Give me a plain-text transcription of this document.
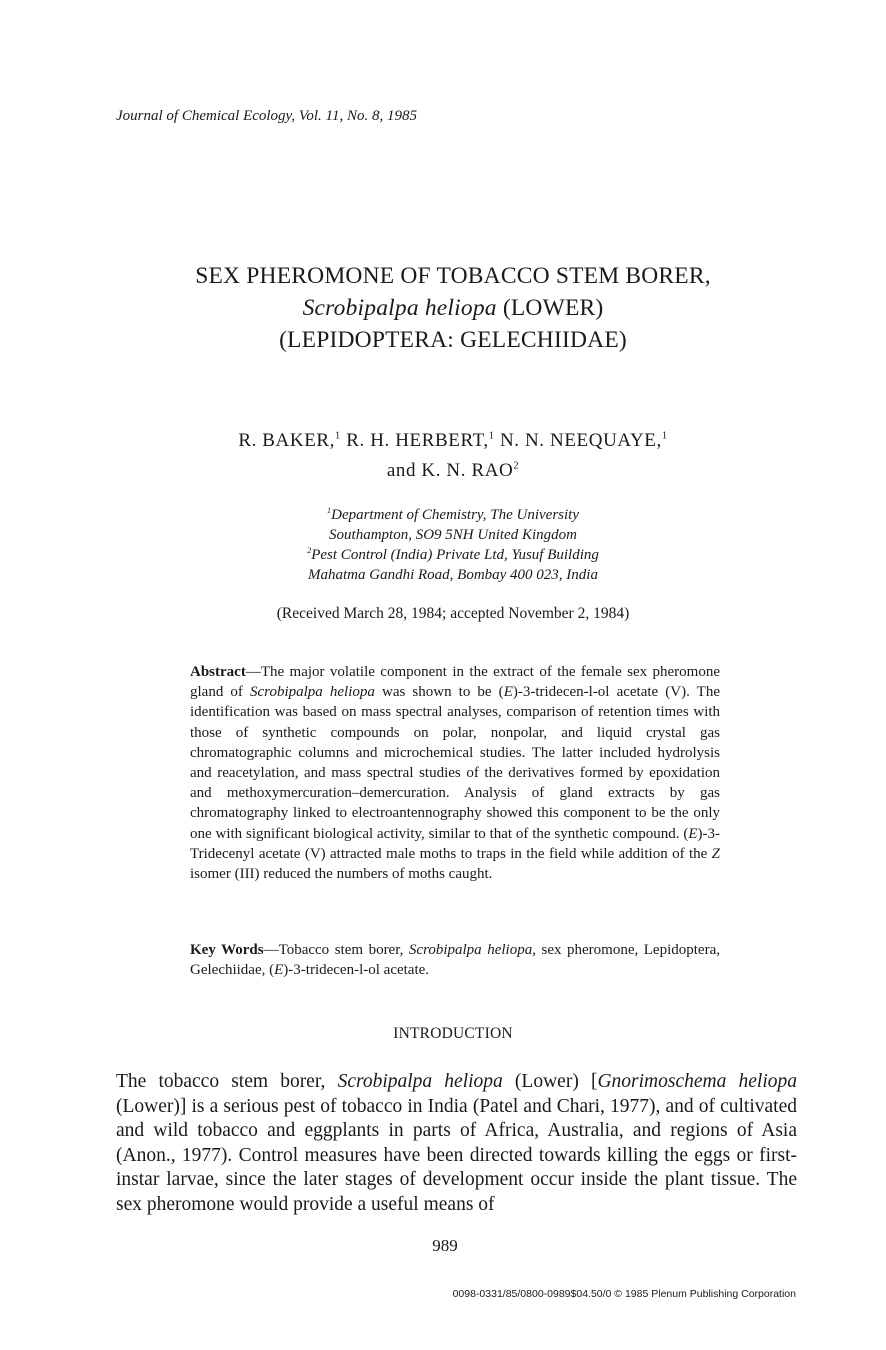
Journal of Chemical Ecology, Vol. 11, No. 8, 1985
SEX PHEROMONE OF TOBACCO STEM BORER,
Scrobipalpa heliopa (LOWER)
(LEPIDOPTERA: GELECHIIDAE)
R. BAKER,$^1$ R. H. HERBERT,$^1$ N. N. NEEQUAYE,$^1$
and K. N. RAO$^2$
$^1$Department of Chemistry, The University
Southampton, SO9 5NH United Kingdom
$^2$Pest Control (India) Private Ltd, Yusuf Building
Mahatma Gandhi Road, Bombay 400 023, India
(Received March 28, 1984; accepted November 2, 1984)
Abstract—The major volatile component in the extract of the female sex pheromone gland of Scrobipalpa heliopa was shown to be (E)-3-tridecen-l-ol acetate (V). The identification was based on mass spectral analyses, comparison of retention times with those of synthetic compounds on polar, nonpolar, and liquid crystal gas chromatographic columns and microchemical studies. The latter included hydrolysis and reacetylation, and mass spectral studies of the derivatives formed by epoxidation and methoxymercuration–demercuration. Analysis of gland extracts by gas chromatography linked to electroantennography showed this component to be the only one with significant biological activity, similar to that of the synthetic compound. (E)-3-Tridecenyl acetate (V) attracted male moths to traps in the field while addition of the Z isomer (III) reduced the numbers of moths caught.
Key Words—Tobacco stem borer, Scrobipalpa heliopa, sex pheromone, Lepidoptera, Gelechiidae, (E)-3-tridecen-l-ol acetate.
INTRODUCTION
The tobacco stem borer, Scrobipalpa heliopa (Lower) [Gnorimoschema heliopa (Lower)] is a serious pest of tobacco in India (Patel and Chari, 1977), and of cultivated and wild tobacco and eggplants in parts of Africa, Australia, and regions of Asia (Anon., 1977). Control measures have been directed towards killing the eggs or first-instar larvae, since the later stages of development occur inside the plant tissue. The sex pheromone would provide a useful means of
989
0098-0331/85/0800-0989$04.50/0 © 1985 Plenum Publishing Corporation
